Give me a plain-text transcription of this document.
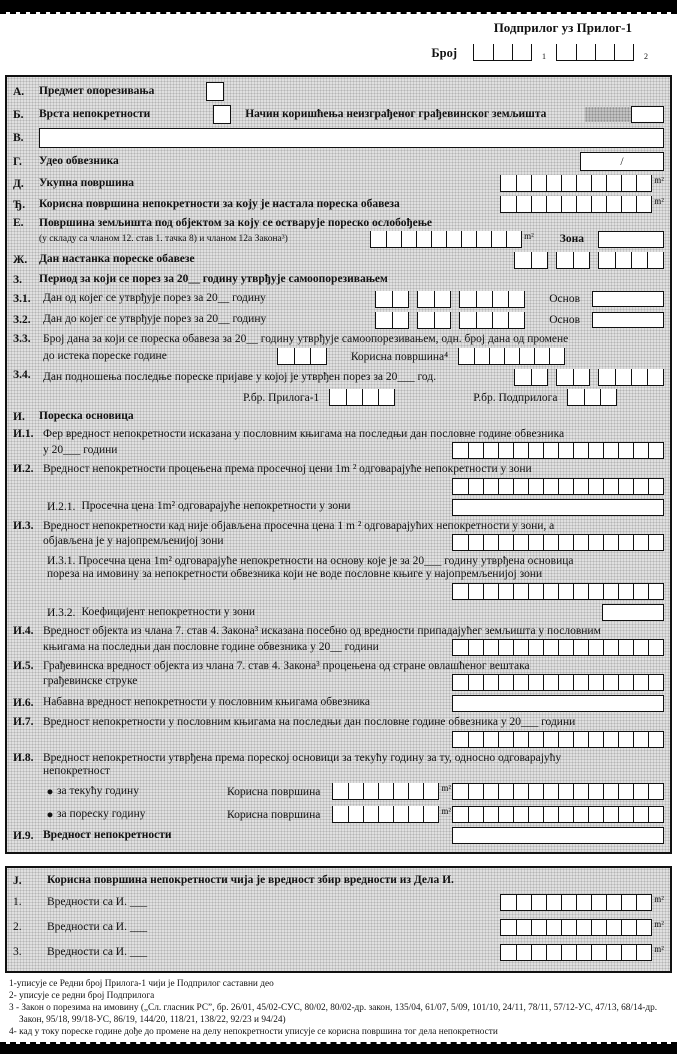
Подприлог уз Прилог-1
Број	$_1$	$_2$
А.	Предмет опорезивања
Б.	Врста непокретности	Начин коришћења неизграђеног грађевинског земљишта
В.
Г.	Удео обвезника	/
Д.	Укупна површина	m²
Ђ.	Корисна површина непокретности за коју је настала пореска обавеза	m²
Е.	Површина земљишта под објектом за коју се остварује пореско ослобођење
(у складу са чланом 12. став 1. тачка 8) и чланом 12а Закона³)	m² Зона
Ж.	Дан настанка пореске обавезе
З.	Период за који се порез за 20__ годину утврђује самоопорезивањем
З.1.	Дан од којег се утврђује порез за 20__ годину	Основ
З.2.	Дан до којег се утврђује порез за 20__ годину	Основ
З.3.	Број дана за који се пореска обавеза за 20__ годину утврђује самоопорезивањем, одн. број дана од промене
до истека пореске године	Корисна површина⁴
З.4.	Дан подношења последње пореске пријаве у којој је утврђен порез за 20___ год.
Р.бр. Прилога-1	Р.бр. Подприлога
И.	Пореска основица
И.1. Фер вредност непокретности исказана у пословним књигама на последњи дан пословне године обвезника
у 20___ години
И.2. Вредност непокретности процењена према просечној цени 1m ² одговарајуће непокретности у зони
И.2.1. Просечна цена 1m² одговарајуће непокретности у зони
И.3. Вредност непокретности кад није објављена просечна цена 1 m ² одговарајућих непокретности у зони, а
објављена је у најопремљенијој зони
И.3.1. Просечна цена 1m² одговарајуће непокретности на основу које је за 20___ годину утврђена основица
пореза на имовину за непокретности обвезника који не воде пословне књиге у најопремљенијој зони
И.3.2. Коефицијент непокретности у зони
И.4. Вредност објекта из члана 7. став 4. Закона³ исказана посебно од вредности припадајућег земљишта у пословним
књигама на последњи дан пословне године обвезника у 20__ години
И.5. Грађевинска вредност објекта из члана 7. став 4. Закона³ процењена од стране овлашћеног вештака
грађевинске струке
И.6. Набавна вредност непокретности у пословним књигама обвезника
И.7. Вредност непокретности у пословним књигама на последњи дан пословне године обвезника у 20___ години
И.8. Вредност непокретности утврђена према пореској основици за текућу годину за ту, односно одговарајућу
непокретност
● за текућу годину	Корисна површина	m²
● за пореску годину	Корисна површина	m²
И.9. Вредност непокретности
Ј.	Корисна површина непокретности чија је вредност збир вредности из Дела И.
1.	Вредности са И. ___	m²
2.	Вредности са И. ___	m²
3.	Вредности са И. ___	m²
1-уписује се Редни број Прилога-1 чији је Подприлог саставни део
2- уписује се редни број Подприлога
3 - Закон о порезима на имовину („Сл. гласник РС”, бр. 26/01, 45/02-СУС, 80/02, 80/02-др. закон, 135/04, 61/07, 5/09, 101/10, 24/11, 78/11, 57/12-УС, 47/13, 68/14-др. Закон, 95/18, 99/18-УС, 86/19, 144/20, 118/21, 138/22, 92/23 и 94/24)
4- кад у току пореске године дође до промене на делу непокретности уписује се корисна површина тог дела непокретности
